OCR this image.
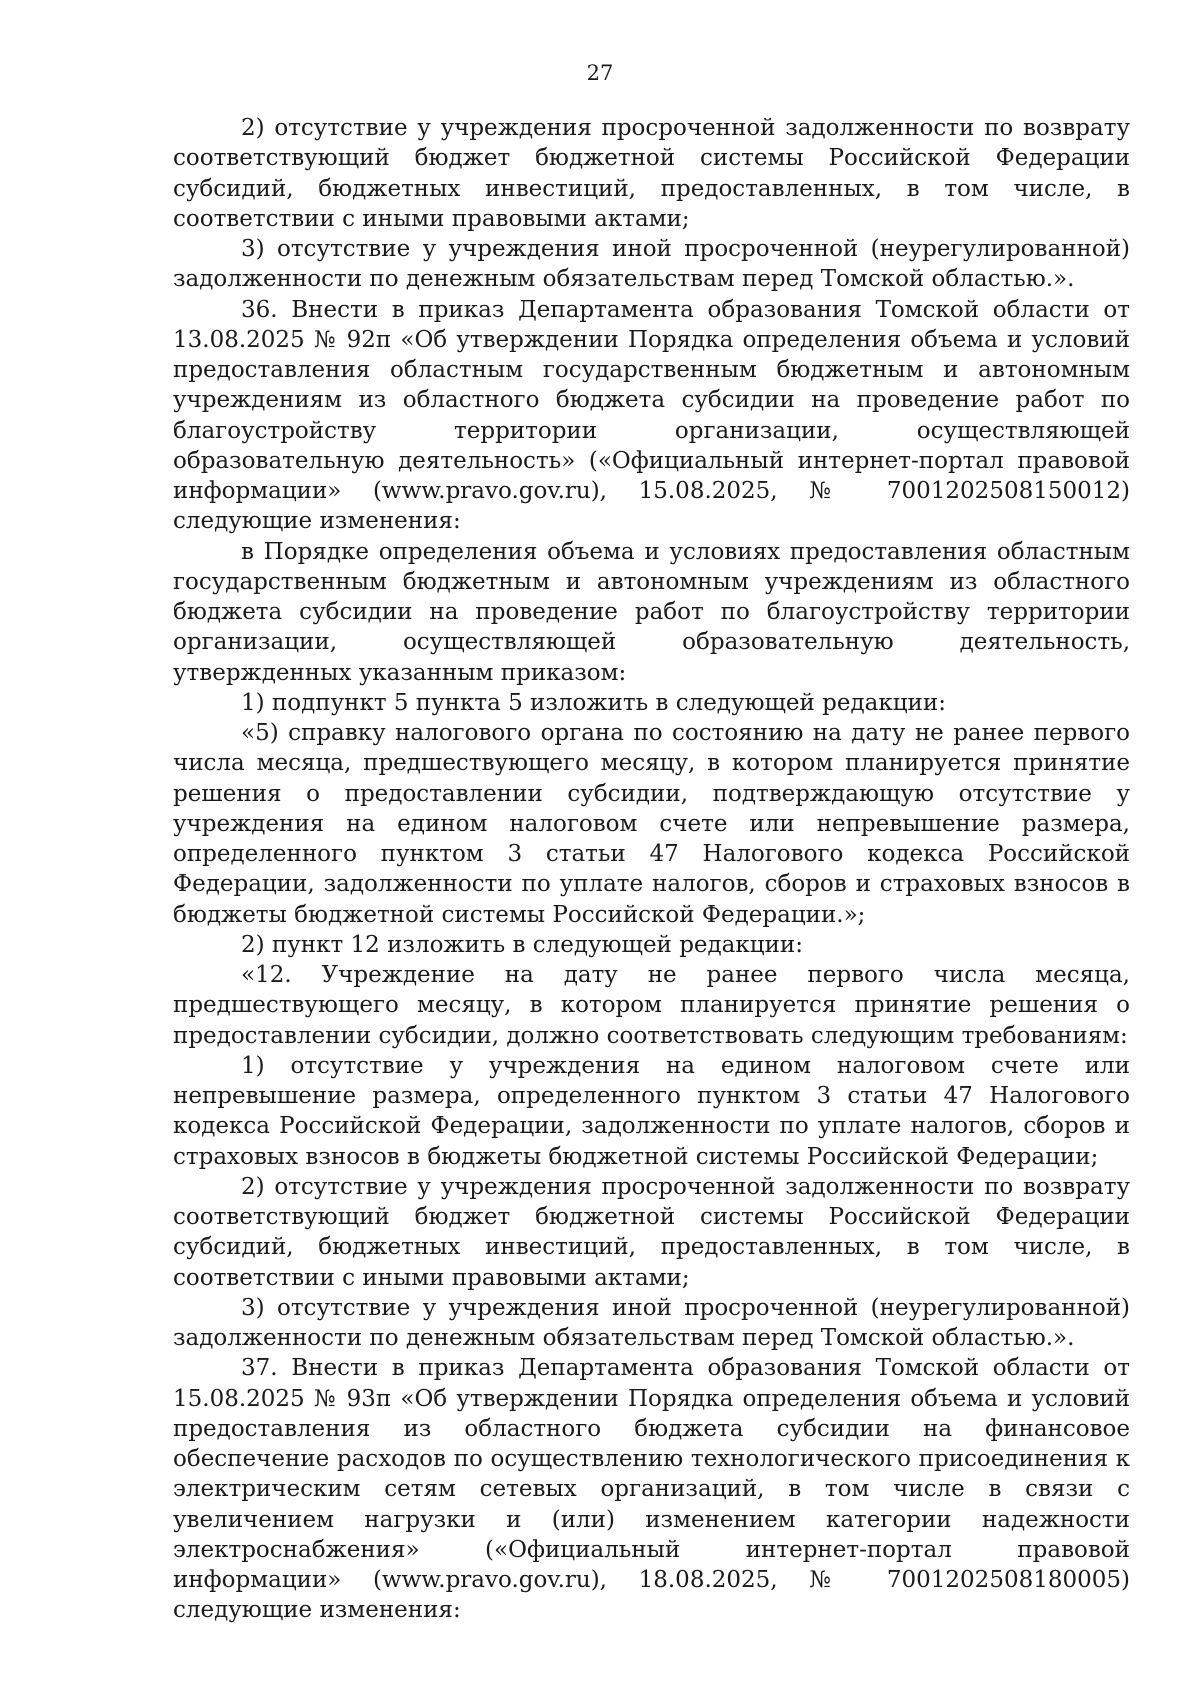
27

2) отсутствие у учреждения просроченной задолженности по возврату соответствующий бюджет бюджетной системы Российской Федерации субсидий, бюджетных инвестиций, предоставленных, в том числе, в соответствии с иными правовыми актами;

3) отсутствие у учреждения иной просроченной (неурегулированной) задолженности по денежным обязательствам перед Томской областью.».

36. Внести в приказ Департамента образования Томской области от 13.08.2025 № 92п «Об утверждении Порядка определения объема и условий предоставления областным государственным бюджетным и автономным учреждениям из областного бюджета субсидии на проведение работ по благоустройству территории организации, осуществляющей образовательную деятельность» («Официальный интернет-портал правовой информации» (www.pravo.gov.ru), 15.08.2025, № 7001202508150012) следующие изменения:

в Порядке определения объема и условиях предоставления областным государственным бюджетным и автономным учреждениям из областного бюджета субсидии на проведение работ по благоустройству территории организации, осуществляющей образовательную деятельность, утвержденных указанным приказом:

1) подпункт 5 пункта 5 изложить в следующей редакции:

«5) справку налогового органа по состоянию на дату не ранее первого числа месяца, предшествующего месяцу, в котором планируется принятие решения о предоставлении субсидии, подтверждающую отсутствие у учреждения на едином налоговом счете или непревышение размера, определенного пунктом 3 статьи 47 Налогового кодекса Российской Федерации, задолженности по уплате налогов, сборов и страховых взносов в бюджеты бюджетной системы Российской Федерации.»;

2) пункт 12 изложить в следующей редакции:

«12. Учреждение на дату не ранее первого числа месяца, предшествующего месяцу, в котором планируется принятие решения о предоставлении субсидии, должно соответствовать следующим требованиям:

1) отсутствие у учреждения на едином налоговом счете или непревышение размера, определенного пунктом 3 статьи 47 Налогового кодекса Российской Федерации, задолженности по уплате налогов, сборов и страховых взносов в бюджеты бюджетной системы Российской Федерации;

2) отсутствие у учреждения просроченной задолженности по возврату соответствующий бюджет бюджетной системы Российской Федерации субсидий, бюджетных инвестиций, предоставленных, в том числе, в соответствии с иными правовыми актами;

3) отсутствие у учреждения иной просроченной (неурегулированной) задолженности по денежным обязательствам перед Томской областью.».

37. Внести в приказ Департамента образования Томской области от 15.08.2025 № 93п «Об утверждении Порядка определения объема и условий предоставления из областного бюджета субсидии на финансовое обеспечение расходов по осуществлению технологического присоединения к электрическим сетям сетевых организаций, в том числе в связи с увеличением нагрузки и (или) изменением категории надежности электроснабжения» («Официальный интернет-портал правовой информации» (www.pravo.gov.ru), 18.08.2025, № 7001202508180005) следующие изменения:
